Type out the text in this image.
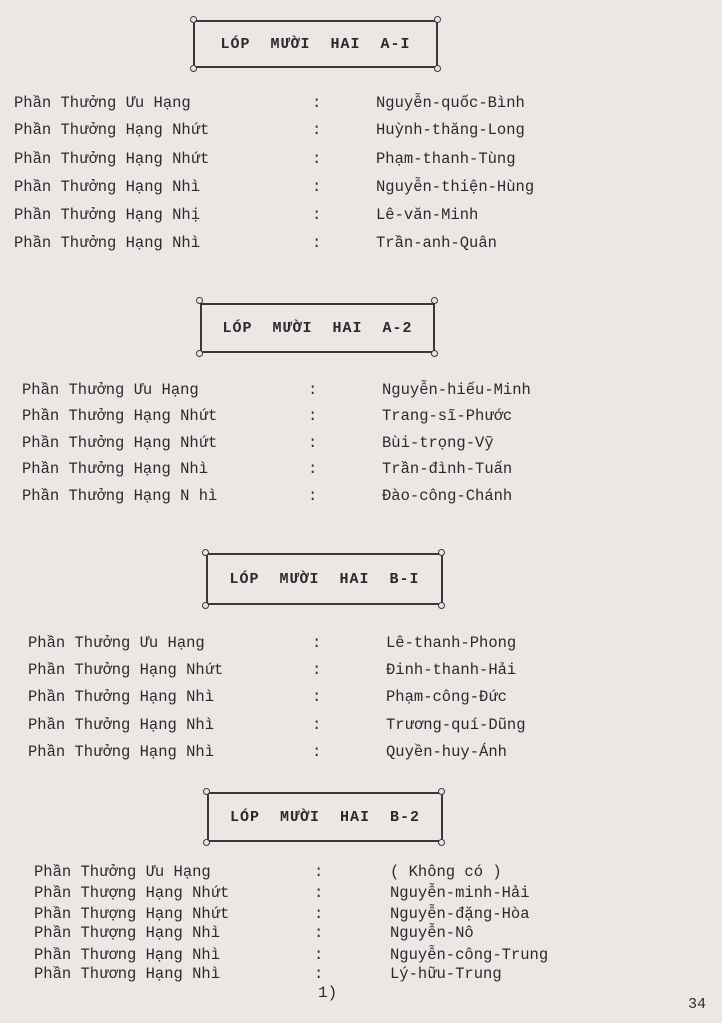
LÓP MƯỜI HAI A-I
Phần Thưởng Ưu Hạng	:	Nguyễn-quốc-Bình
Phần Thưởng Hạng Nhứt	:	Huỳnh-thăng-Long
Phần Thưởng Hạng Nhứt	:	Phạm-thanh-Tùng
Phần Thưởng Hạng Nhì	:	Nguyễn-thiện-Hùng
Phần Thưởng Hạng Nhị	:	Lê-văn-Minh
Phần Thưởng Hạng Nhì	:	Trần-anh-Quân
LÓP MƯỜI HAI A-2
Phần Thưởng Ưu Hạng	:	Nguyễn-hiếu-Minh
Phần Thưởng Hạng Nhứt	:	Trang-sĩ-Phước
Phần Thưởng Hạng Nhứt	:	Bùi-trọng-Vỹ
Phần Thưởng Hạng Nhì	:	Trần-đình-Tuấn
Phần Thưởng Hạng N hì	:	Đào-công-Chánh
LÓP MƯỜI HAI B-I
Phần Thưởng Ưu Hạng	:	Lê-thanh-Phong
Phần Thưởng Hạng Nhứt	:	Đinh-thanh-Hải
Phần Thưởng Hạng Nhì	:	Phạm-công-Đức
Phần Thưởng Hạng Nhì	:	Trương-quí-Dũng
Phần Thưởng Hạng Nhì	:	Quyền-huy-Ánh
LÓP MƯỜI HAI B-2
Phần Thưởng Ưu Hạng	:	( Không có )
Phần Thượng Hạng Nhứt	:	Nguyễn-minh-Hải
Phần Thượng Hạng Nhứt	:	Nguyễn-đặng-Hòa
Phần Thượng Hạng Nhì	:	Nguyễn-Nô
Phần Thương Hạng Nhì	:	Nguyễn-công-Trung
Phần Thương Hạng Nhì	:	Lý-hữu-Trung
1)
34
